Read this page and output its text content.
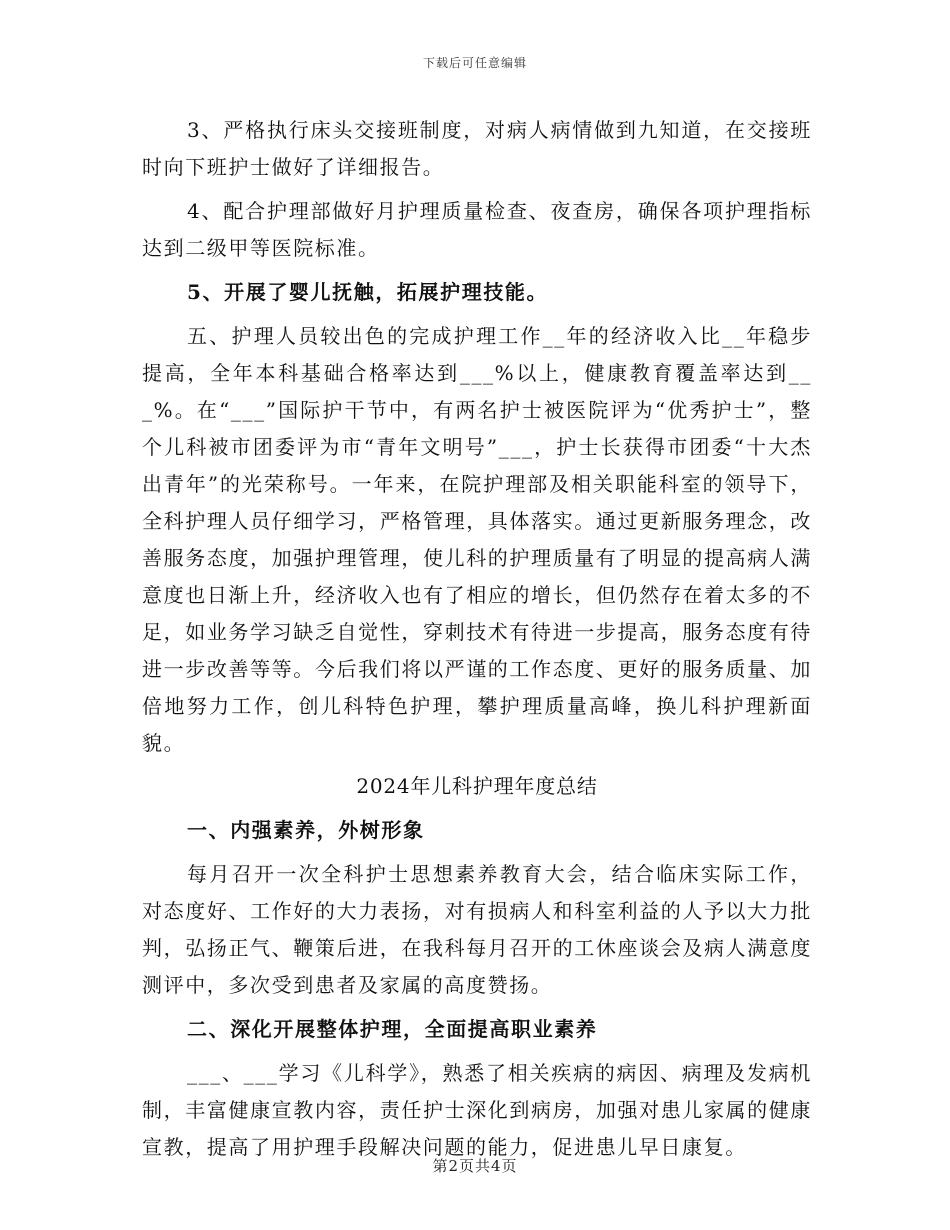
下载后可任意编辑

3、严格执行床头交接班制度，对病人病情做到九知道，在交接班时向下班护士做好了详细报告。

4、配合护理部做好月护理质量检查、夜查房，确保各项护理指标达到二级甲等医院标准。

5、开展了婴儿抚触，拓展护理技能。

五、护理人员较出色的完成护理工作__年的经济收入比__年稳步提高，全年本科基础合格率达到___%以上，健康教育覆盖率达到___%。在“___”国际护干节中，有两名护士被医院评为“优秀护士”，整个儿科被市团委评为市“青年文明号”___，护士长获得市团委“十大杰出青年”的光荣称号。一年来，在院护理部及相关职能科室的领导下，全科护理人员仔细学习，严格管理，具体落实。通过更新服务理念，改善服务态度，加强护理管理，使儿科的护理质量有了明显的提高病人满意度也日渐上升，经济收入也有了相应的增长，但仍然存在着太多的不足，如业务学习缺乏自觉性，穿刺技术有待进一步提高，服务态度有待进一步改善等等。今后我们将以严谨的工作态度、更好的服务质量、加倍地努力工作，创儿科特色护理，攀护理质量高峰，换儿科护理新面貌。

2024年儿科护理年度总结

一、内强素养，外树形象

每月召开一次全科护士思想素养教育大会，结合临床实际工作，对态度好、工作好的大力表扬，对有损病人和科室利益的人予以大力批判，弘扬正气、鞭策后进，在我科每月召开的工休座谈会及病人满意度测评中，多次受到患者及家属的高度赞扬。

二、深化开展整体护理，全面提高职业素养

___、___学习《儿科学》，熟悉了相关疾病的病因、病理及发病机制，丰富健康宣教内容，责任护士深化到病房，加强对患儿家属的健康宣教，提高了用护理手段解决问题的能力，促进患儿早日康复。

第2页共4页
